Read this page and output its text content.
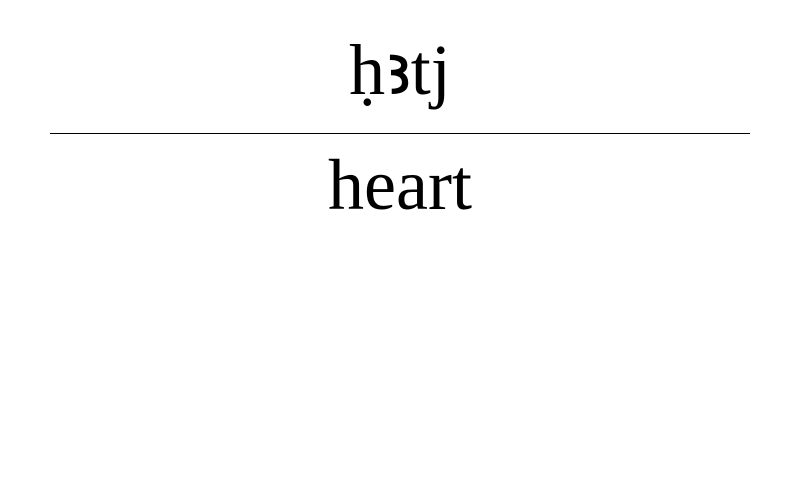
ḥꜣtj
heart
